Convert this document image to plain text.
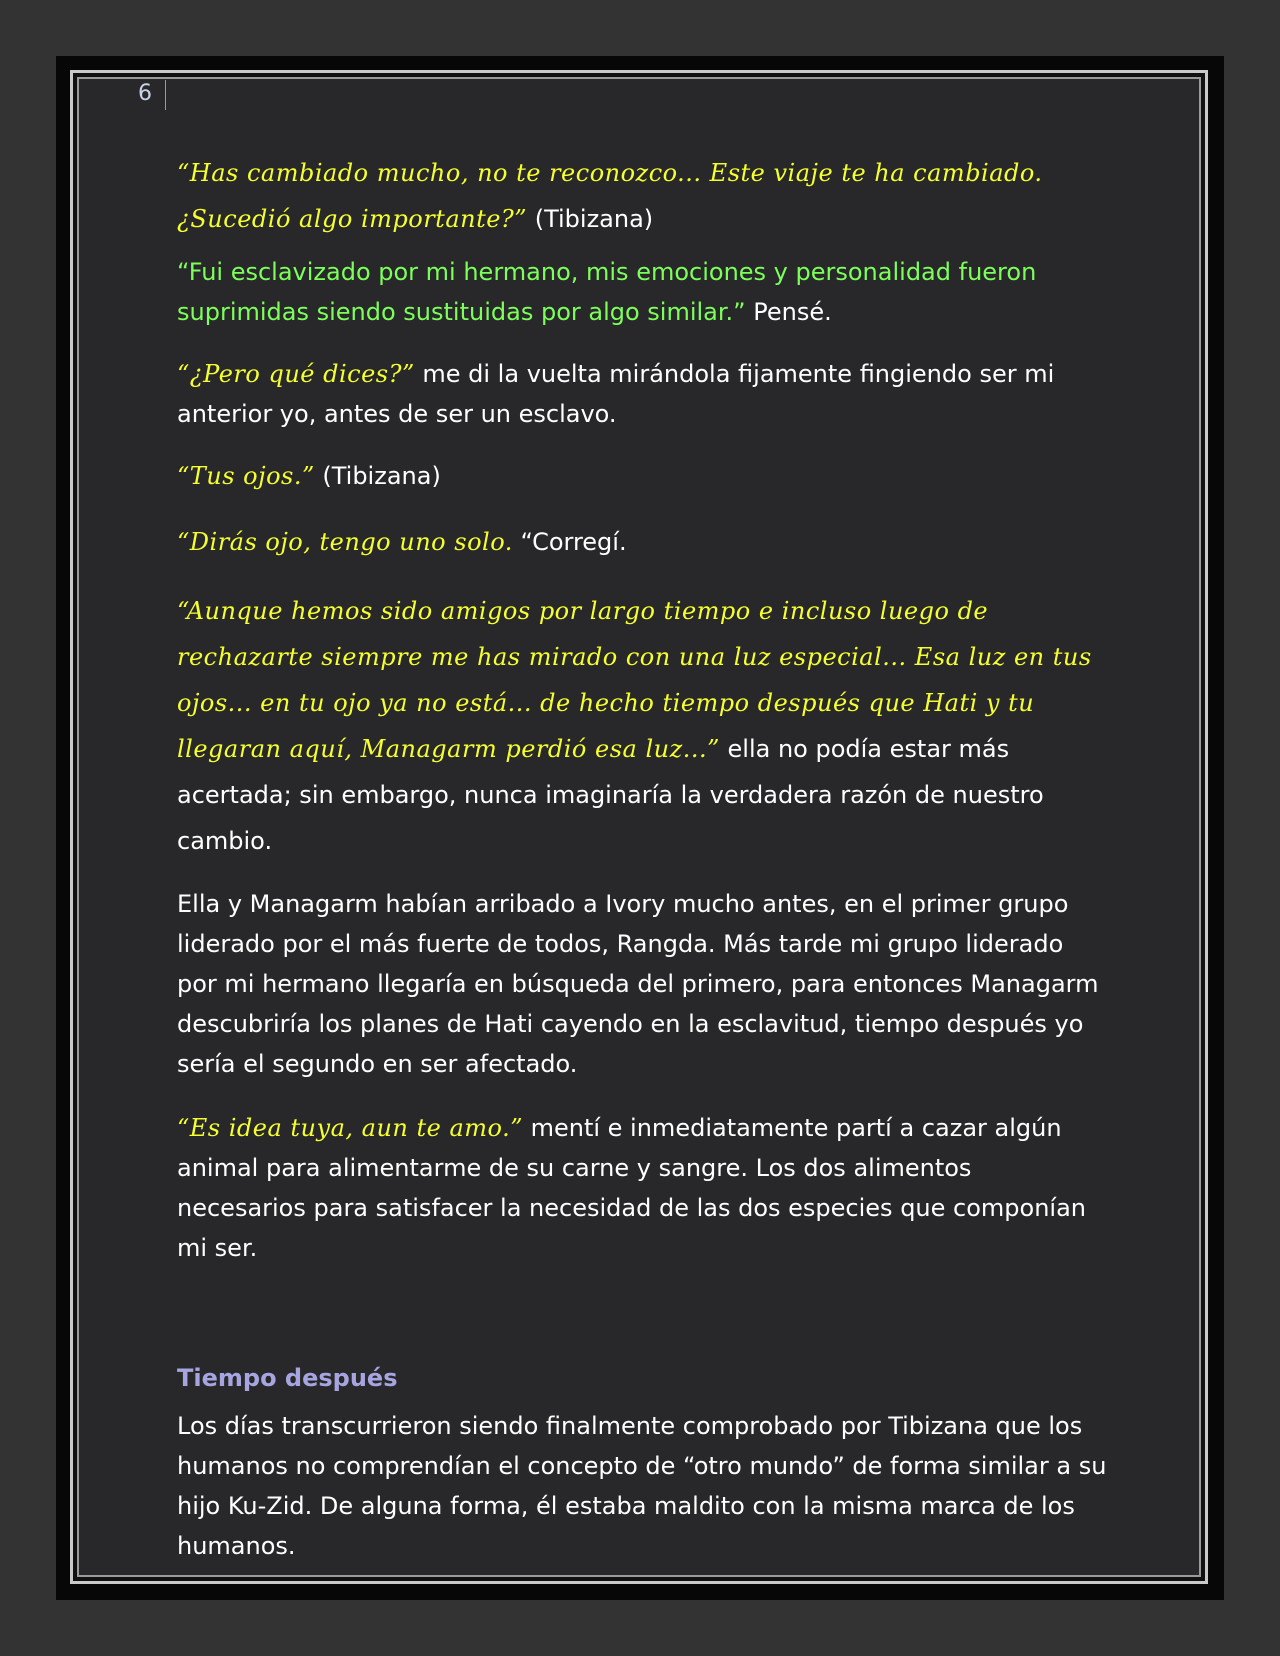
6

“Has cambiado mucho, no te reconozco... Este viaje te ha cambiado. ¿Sucedió algo importante?” (Tibizana)

“Fui esclavizado por mi hermano, mis emociones y personalidad fueron suprimidas siendo sustituidas por algo similar.” Pensé.

“¿Pero qué dices?” me di la vuelta mirándola fijamente fingiendo ser mi anterior yo, antes de ser un esclavo.

“Tus ojos.” (Tibizana)

“Dirás ojo, tengo uno solo. “Corregí.

“Aunque hemos sido amigos por largo tiempo e incluso luego de rechazarte siempre me has mirado con una luz especial... Esa luz en tus ojos... en tu ojo ya no está... de hecho tiempo después que Hati y tu llegaran aquí, Managarm perdió esa luz...” ella no podía estar más acertada; sin embargo, nunca imaginaría la verdadera razón de nuestro cambio.

Ella y Managarm habían arribado a Ivory mucho antes, en el primer grupo liderado por el más fuerte de todos, Rangda. Más tarde mi grupo liderado por mi hermano llegaría en búsqueda del primero, para entonces Managarm descubriría los planes de Hati cayendo en la esclavitud, tiempo después yo sería el segundo en ser afectado.

“Es idea tuya, aun te amo.” mentí e inmediatamente partí a cazar algún animal para alimentarme de su carne y sangre. Los dos alimentos necesarios para satisfacer la necesidad de las dos especies que componían mi ser.

Tiempo después

Los días transcurrieron siendo finalmente comprobado por Tibizana que los humanos no comprendían el concepto de “otro mundo” de forma similar a su hijo Ku-Zid. De alguna forma, él estaba maldito con la misma marca de los humanos.
